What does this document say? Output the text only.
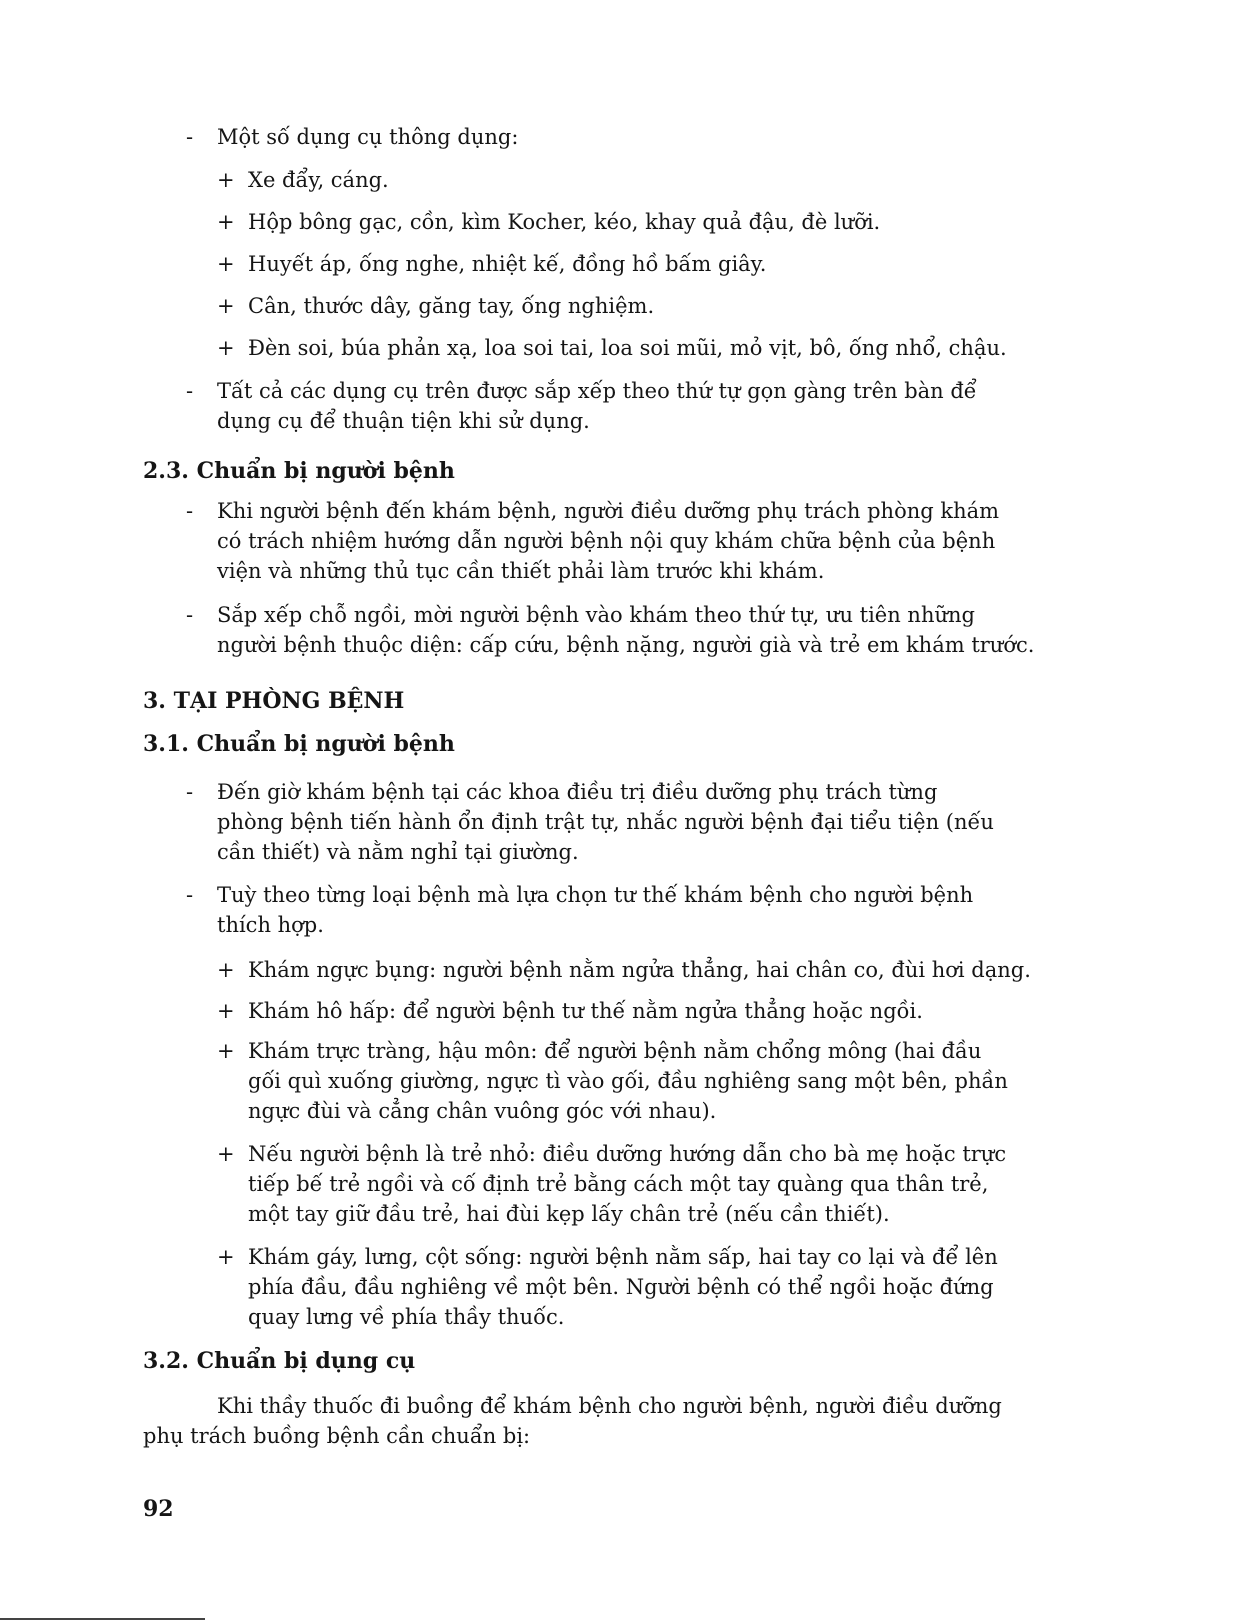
- Một số dụng cụ thông dụng:
+ Xe đẩy, cáng.
+ Hộp bông gạc, cồn, kìm Kocher, kéo, khay quả đậu, đè lưỡi.
+ Huyết áp, ống nghe, nhiệt kế, đồng hồ bấm giây.
+ Cân, thước dây, găng tay, ống nghiệm.
+ Đèn soi, búa phản xạ, loa soi tai, loa soi mũi, mỏ vịt, bô, ống nhổ, chậu.
- Tất cả các dụng cụ trên được sắp xếp theo thứ tự gọn gàng trên bàn để
dụng cụ để thuận tiện khi sử dụng.
2.3. Chuẩn bị người bệnh
- Khi người bệnh đến khám bệnh, người điều dưỡng phụ trách phòng khám
có trách nhiệm hướng dẫn người bệnh nội quy khám chữa bệnh của bệnh
viện và những thủ tục cần thiết phải làm trước khi khám.
- Sắp xếp chỗ ngồi, mời người bệnh vào khám theo thứ tự, ưu tiên những
người bệnh thuộc diện: cấp cứu, bệnh nặng, người già và trẻ em khám trước.
3. TẠI PHÒNG BỆNH
3.1. Chuẩn bị người bệnh
- Đến giờ khám bệnh tại các khoa điều trị điều dưỡng phụ trách từng
phòng bệnh tiến hành ổn định trật tự, nhắc người bệnh đại tiểu tiện (nếu
cần thiết) và nằm nghỉ tại giường.
- Tuỳ theo từng loại bệnh mà lựa chọn tư thế khám bệnh cho người bệnh
thích hợp.
+ Khám ngực bụng: người bệnh nằm ngửa thẳng, hai chân co, đùi hơi dạng.
+ Khám hô hấp: để người bệnh tư thế nằm ngửa thẳng hoặc ngồi.
+ Khám trực tràng, hậu môn: để người bệnh nằm chổng mông (hai đầu
gối quì xuống giường, ngực tì vào gối, đầu nghiêng sang một bên, phần
ngực đùi và cẳng chân vuông góc với nhau).
+ Nếu người bệnh là trẻ nhỏ: điều dưỡng hướng dẫn cho bà mẹ hoặc trực
tiếp bế trẻ ngồi và cố định trẻ bằng cách một tay quàng qua thân trẻ,
một tay giữ đầu trẻ, hai đùi kẹp lấy chân trẻ (nếu cần thiết).
+ Khám gáy, lưng, cột sống: người bệnh nằm sấp, hai tay co lại và để lên
phía đầu, đầu nghiêng về một bên. Người bệnh có thể ngồi hoặc đứng
quay lưng về phía thầy thuốc.
3.2. Chuẩn bị dụng cụ
Khi thầy thuốc đi buồng để khám bệnh cho người bệnh, người điều dưỡng
phụ trách buồng bệnh cần chuẩn bị:
92
